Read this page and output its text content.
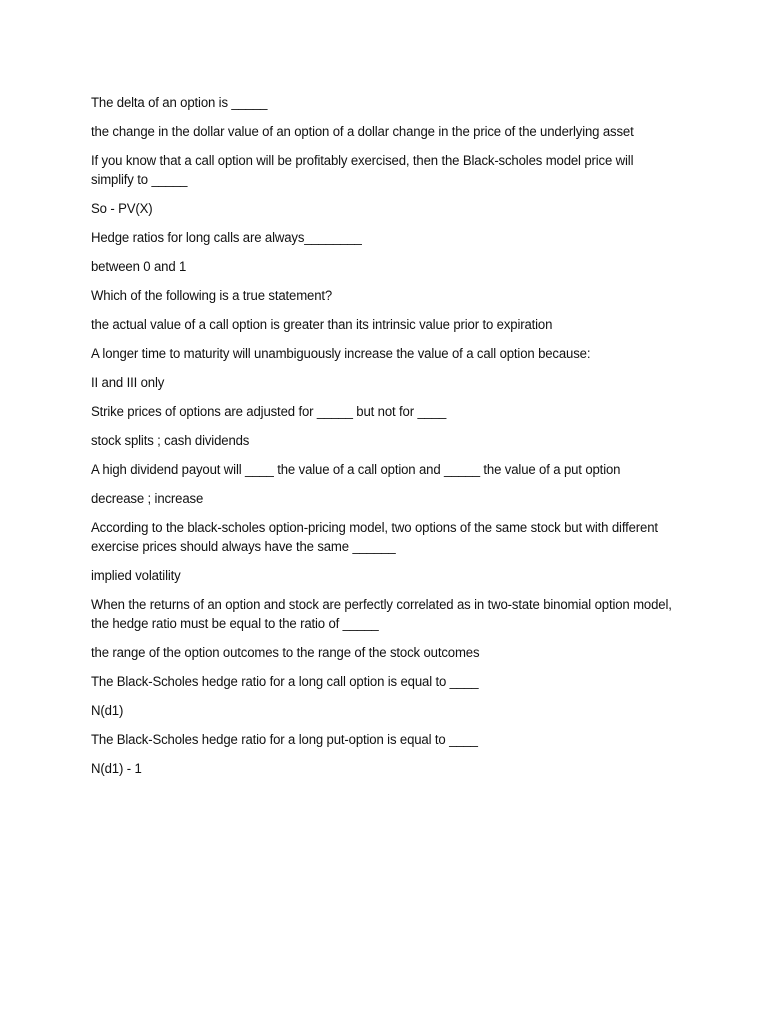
The delta of an option is _____
the change in the dollar value of an option of a dollar change in the price of the underlying asset
If you know that a call option will be profitably exercised, then the Black-scholes model price will
simplify to _____
So - PV(X)
Hedge ratios for long calls are always________
between 0 and 1
Which of the following is a true statement?
the actual value of a call option is greater than its intrinsic value prior to expiration
A longer time to maturity will unambiguously increase the value of a call option because:
II and III only
Strike prices of options are adjusted for _____ but not for ____
stock splits ; cash dividends
A high dividend payout will ____ the value of a call option and _____ the value of a put option
decrease ; increase
According to the black-scholes option-pricing model, two options of the same stock but with different
exercise prices should always have the same ______
implied volatility
When the returns of an option and stock are perfectly correlated as in two-state binomial option model,
the hedge ratio must be equal to the ratio of _____
the range of the option outcomes to the range of the stock outcomes
The Black-Scholes hedge ratio for a long call option is equal to ____
N(d1)
The Black-Scholes hedge ratio for a long put-option is equal to ____
N(d1) - 1
